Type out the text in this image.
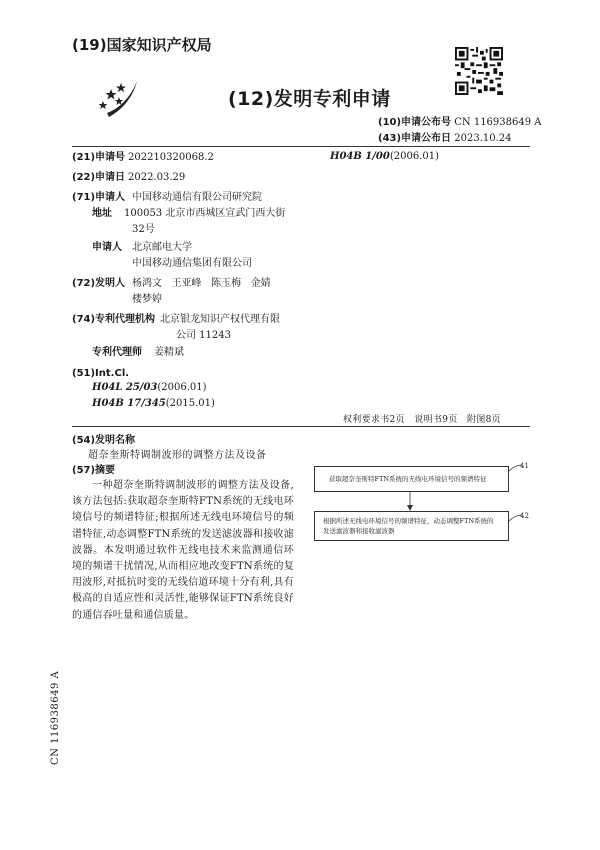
(19)国家知识产权局
(12)发明专利申请
(10)申请公布号 CN 116938649 A
(43)申请公布日 2023.10.24
(21)申请号 202210320068.2	H04B 1/00(2006.01)
(22)申请日 2022.03.29
(71)申请人 中国移动通信有限公司研究院
地址 100053 北京市西城区宣武门西大街
32号
申请人 北京邮电大学
中国移动通信集团有限公司
(72)发明人 杨鸿文   王亚峰   陈玉梅   金婧
楼梦婷
(74)专利代理机构 北京银龙知识产权代理有限
公司 11243
专利代理师 姜精斌
(51)Int.Cl.
H04L 25/03(2006.01)
H04B 17/345(2015.01)
权利要求书2页   说明书9页   附图8页
(54)发明名称
超奈奎斯特调制波形的调整方法及设备
(57)摘要
一种超奈奎斯特调制波形的调整方法及设备,该方法包括:获取超奈奎斯特FTN系统的无线电环境信号的频谱特征;根据所述无线电环境信号的频谱特征,动态调整FTN系统的发送滤波器和接收滤波器。本发明通过软件无线电技术来监测通信环境的频谱干扰情况,从而相应地改变FTN系统的复用波形,对抵抗时变的无线信道环境十分有利,具有极高的自适应性和灵活性,能够保证FTN系统良好的通信吞吐量和通信质量。
获取超奈奎斯特FTN系统的无线电环境信号的频谱特征
41
根据所述无线电环境信号的频谱特征，动态调整FTN系统的发送滤波器和接收滤波器
42
CN 116938649 A
